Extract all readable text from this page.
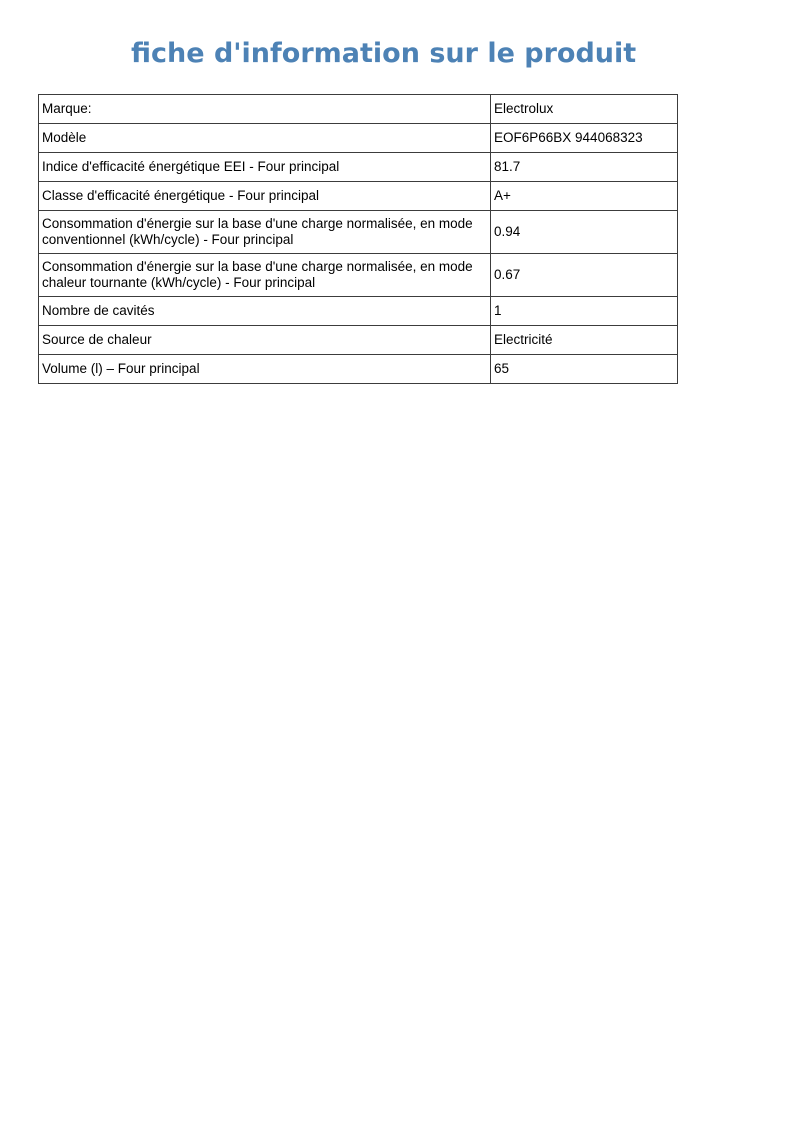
fiche d'information sur le produit
Marque:	Electrolux
Modèle	EOF6P66BX 944068323
Indice d'efficacité énergétique EEI - Four principal	81.7
Classe d'efficacité énergétique - Four principal	A+
Consommation d'énergie sur la base d'une charge normalisée, en mode conventionnel (kWh/cycle) - Four principal	0.94
Consommation d'énergie sur la base d'une charge normalisée, en mode chaleur tournante (kWh/cycle) - Four principal	0.67
Nombre de cavités	1
Source de chaleur	Electricité
Volume (l) – Four principal	65
